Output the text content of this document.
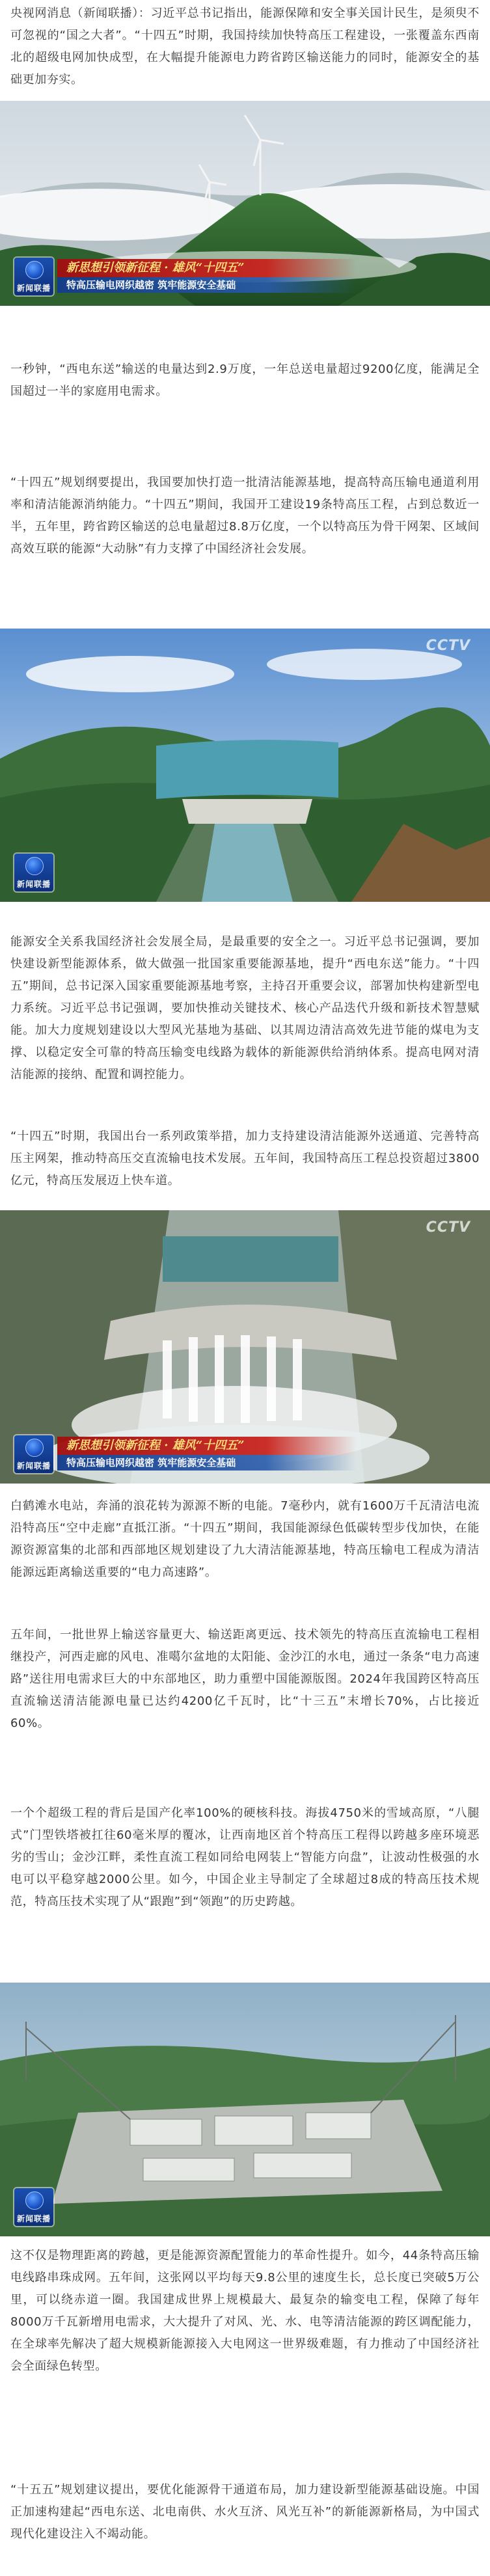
央视网消息（新闻联播）：习近平总书记指出，能源保障和安全事关国计民生，是须臾不可忽视的“国之大者”。“十四五”时期，我国持续加快特高压工程建设，一张覆盖东西南北的超级电网加快成型，在大幅提升能源电力跨省跨区输送能力的同时，能源安全的基础更加夯实。

新闻联播
新思想引领新征程 · 雄风“十四五”
特高压输电网织越密 筑牢能源安全基础

一秒钟，“西电东送”输送的电量达到2.9万度，一年总送电量超过9200亿度，能满足全国超过一半的家庭用电需求。

“十四五”规划纲要提出，我国要加快打造一批清洁能源基地，提高特高压输电通道利用率和清洁能源消纳能力。“十四五”期间，我国开工建设19条特高压工程，占到总数近一半，五年里，跨省跨区输送的总电量超过8.8万亿度，一个以特高压为骨干网架、区域间高效互联的能源“大动脉”有力支撑了中国经济社会发展。

CCTV
新闻联播

能源安全关系我国经济社会发展全局，是最重要的安全之一。习近平总书记强调，要加快建设新型能源体系，做大做强一批国家重要能源基地，提升“西电东送”能力。“十四五”期间，总书记深入国家重要能源基地考察，主持召开重要会议，部署加快构建新型电力系统。习近平总书记强调，要加快推动关键技术、核心产品迭代升级和新技术智慧赋能。加大力度规划建设以大型风光基地为基础、以其周边清洁高效先进节能的煤电为支撑、以稳定安全可靠的特高压输变电线路为载体的新能源供给消纳体系。提高电网对清洁能源的接纳、配置和调控能力。

“十四五”时期，我国出台一系列政策举措，加力支持建设清洁能源外送通道、完善特高压主网架，推动特高压交直流输电技术发展。五年间，我国特高压工程总投资超过3800亿元，特高压发展迈上快车道。

CCTV
新闻联播
新思想引领新征程 · 雄风“十四五”
特高压输电网织越密 筑牢能源安全基础

白鹤滩水电站，奔涌的浪花转为源源不断的电能。7毫秒内，就有1600万千瓦清洁电流沿特高压“空中走廊”直抵江浙。“十四五”期间，我国能源绿色低碳转型步伐加快，在能源资源富集的北部和西部地区规划建设了九大清洁能源基地，特高压输电工程成为清洁能源远距离输送重要的“电力高速路”。

五年间，一批世界上输送容量更大、输送距离更远、技术领先的特高压直流输电工程相继投产，河西走廊的风电、准噶尔盆地的太阳能、金沙江的水电，通过一条条“电力高速路”送往用电需求巨大的中东部地区，助力重塑中国能源版图。2024年我国跨区特高压直流输送清洁能源电量已达约4200亿千瓦时，比“十三五”末增长70%，占比接近60%。

一个个超级工程的背后是国产化率100%的硬核科技。海拔4750米的雪域高原，“八腿式”门型铁塔被扛往60毫米厚的覆冰，让西南地区首个特高压工程得以跨越多座环境恶劣的雪山；金沙江畔，柔性直流工程如同给电网装上“智能方向盘”，让波动性极强的水电可以平稳穿越2000公里。如今，中国企业主导制定了全球超过8成的特高压技术规范，特高压技术实现了从“跟跑”到“领跑”的历史跨越。

新闻联播

这不仅是物理距离的跨越，更是能源资源配置能力的革命性提升。如今，44条特高压输电线路串珠成网。五年间，这张网以平均每天9.8公里的速度生长，总长度已突破5万公里，可以绕赤道一圈。我国建成世界上规模最大、最复杂的输变电工程，保障了每年8000万千瓦新增用电需求，大大提升了对风、光、水、电等清洁能源的跨区调配能力，在全球率先解决了超大规模新能源接入大电网这一世界级难题，有力推动了中国经济社会全面绿色转型。

“十五五”规划建议提出，要优化能源骨干通道布局，加力建设新型能源基础设施。中国正加速构建起“西电东送、北电南供、水火互济、风光互补”的新能源新格局，为中国式现代化建设注入不竭动能。
